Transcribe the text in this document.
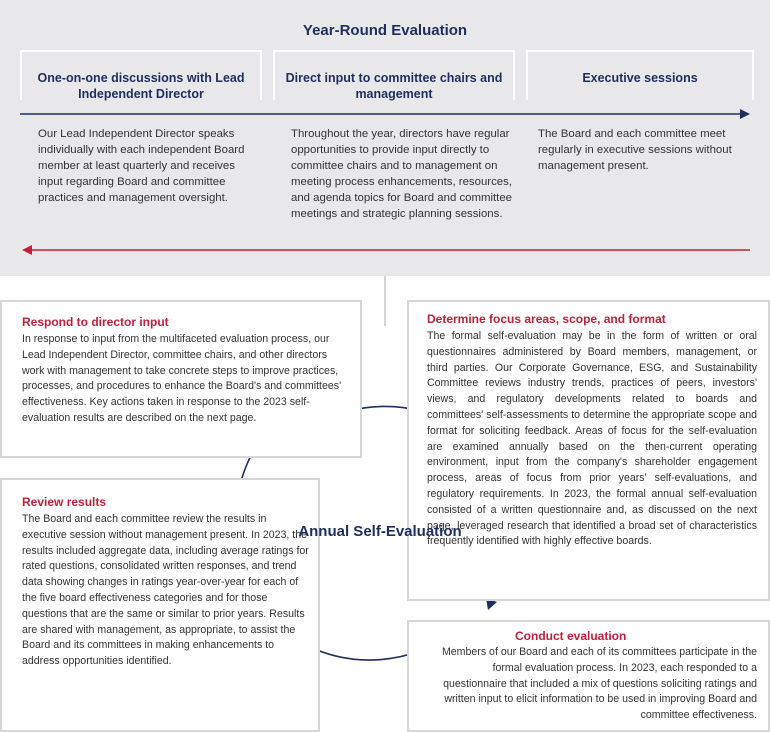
Year-Round Evaluation
One-on-one discussions with Lead Independent Director
Direct input to committee chairs and management
Executive sessions
Our Lead Independent Director speaks individually with each independent Board member at least quarterly and receives input regarding Board and committee practices and management oversight.
Throughout the year, directors have regular opportunities to provide input directly to committee chairs and to management on meeting process enhancements, resources, and agenda topics for Board and committee meetings and strategic planning sessions.
The Board and each committee meet regularly in executive sessions without management present.
Respond to director input
In response to input from the multifaceted evaluation process, our Lead Independent Director, committee chairs, and other directors work with management to take concrete steps to improve practices, processes, and procedures to enhance the Board's and committees' effectiveness. Key actions taken in response to the 2023 self-evaluation results are described on the next page.
Determine focus areas, scope, and format
The formal self-evaluation may be in the form of written or oral questionnaires administered by Board members, management, or third parties. Our Corporate Governance, ESG, and Sustainability Committee reviews industry trends, practices of peers, investors' views, and regulatory developments related to boards and committees' self-assessments to determine the appropriate scope and format for soliciting feedback. Areas of focus for the self-evaluation are examined annually based on the then-current operating environment, input from the company's shareholder engagement process, areas of focus from prior years' self-evaluations, and regulatory requirements. In 2023, the formal annual self-evaluation consisted of a written questionnaire and, as discussed on the next page, leveraged research that identified a broad set of characteristics frequently identified with highly effective boards.
Review results
The Board and each committee review the results in executive session without management present. In 2023, the results included aggregate data, including average ratings for rated questions, consolidated written responses, and trend data showing changes in ratings year-over-year for each of the five board effectiveness categories and for those questions that are the same or similar to prior years. Results are shared with management, as appropriate, to assist the Board and its committees in making enhancements to address opportunities identified.
Conduct evaluation
Members of our Board and each of its committees participate in the formal evaluation process. In 2023, each responded to a questionnaire that included a mix of questions soliciting ratings and written input to elicit information to be used in improving Board and committee effectiveness.
Annual Self-Evaluation
